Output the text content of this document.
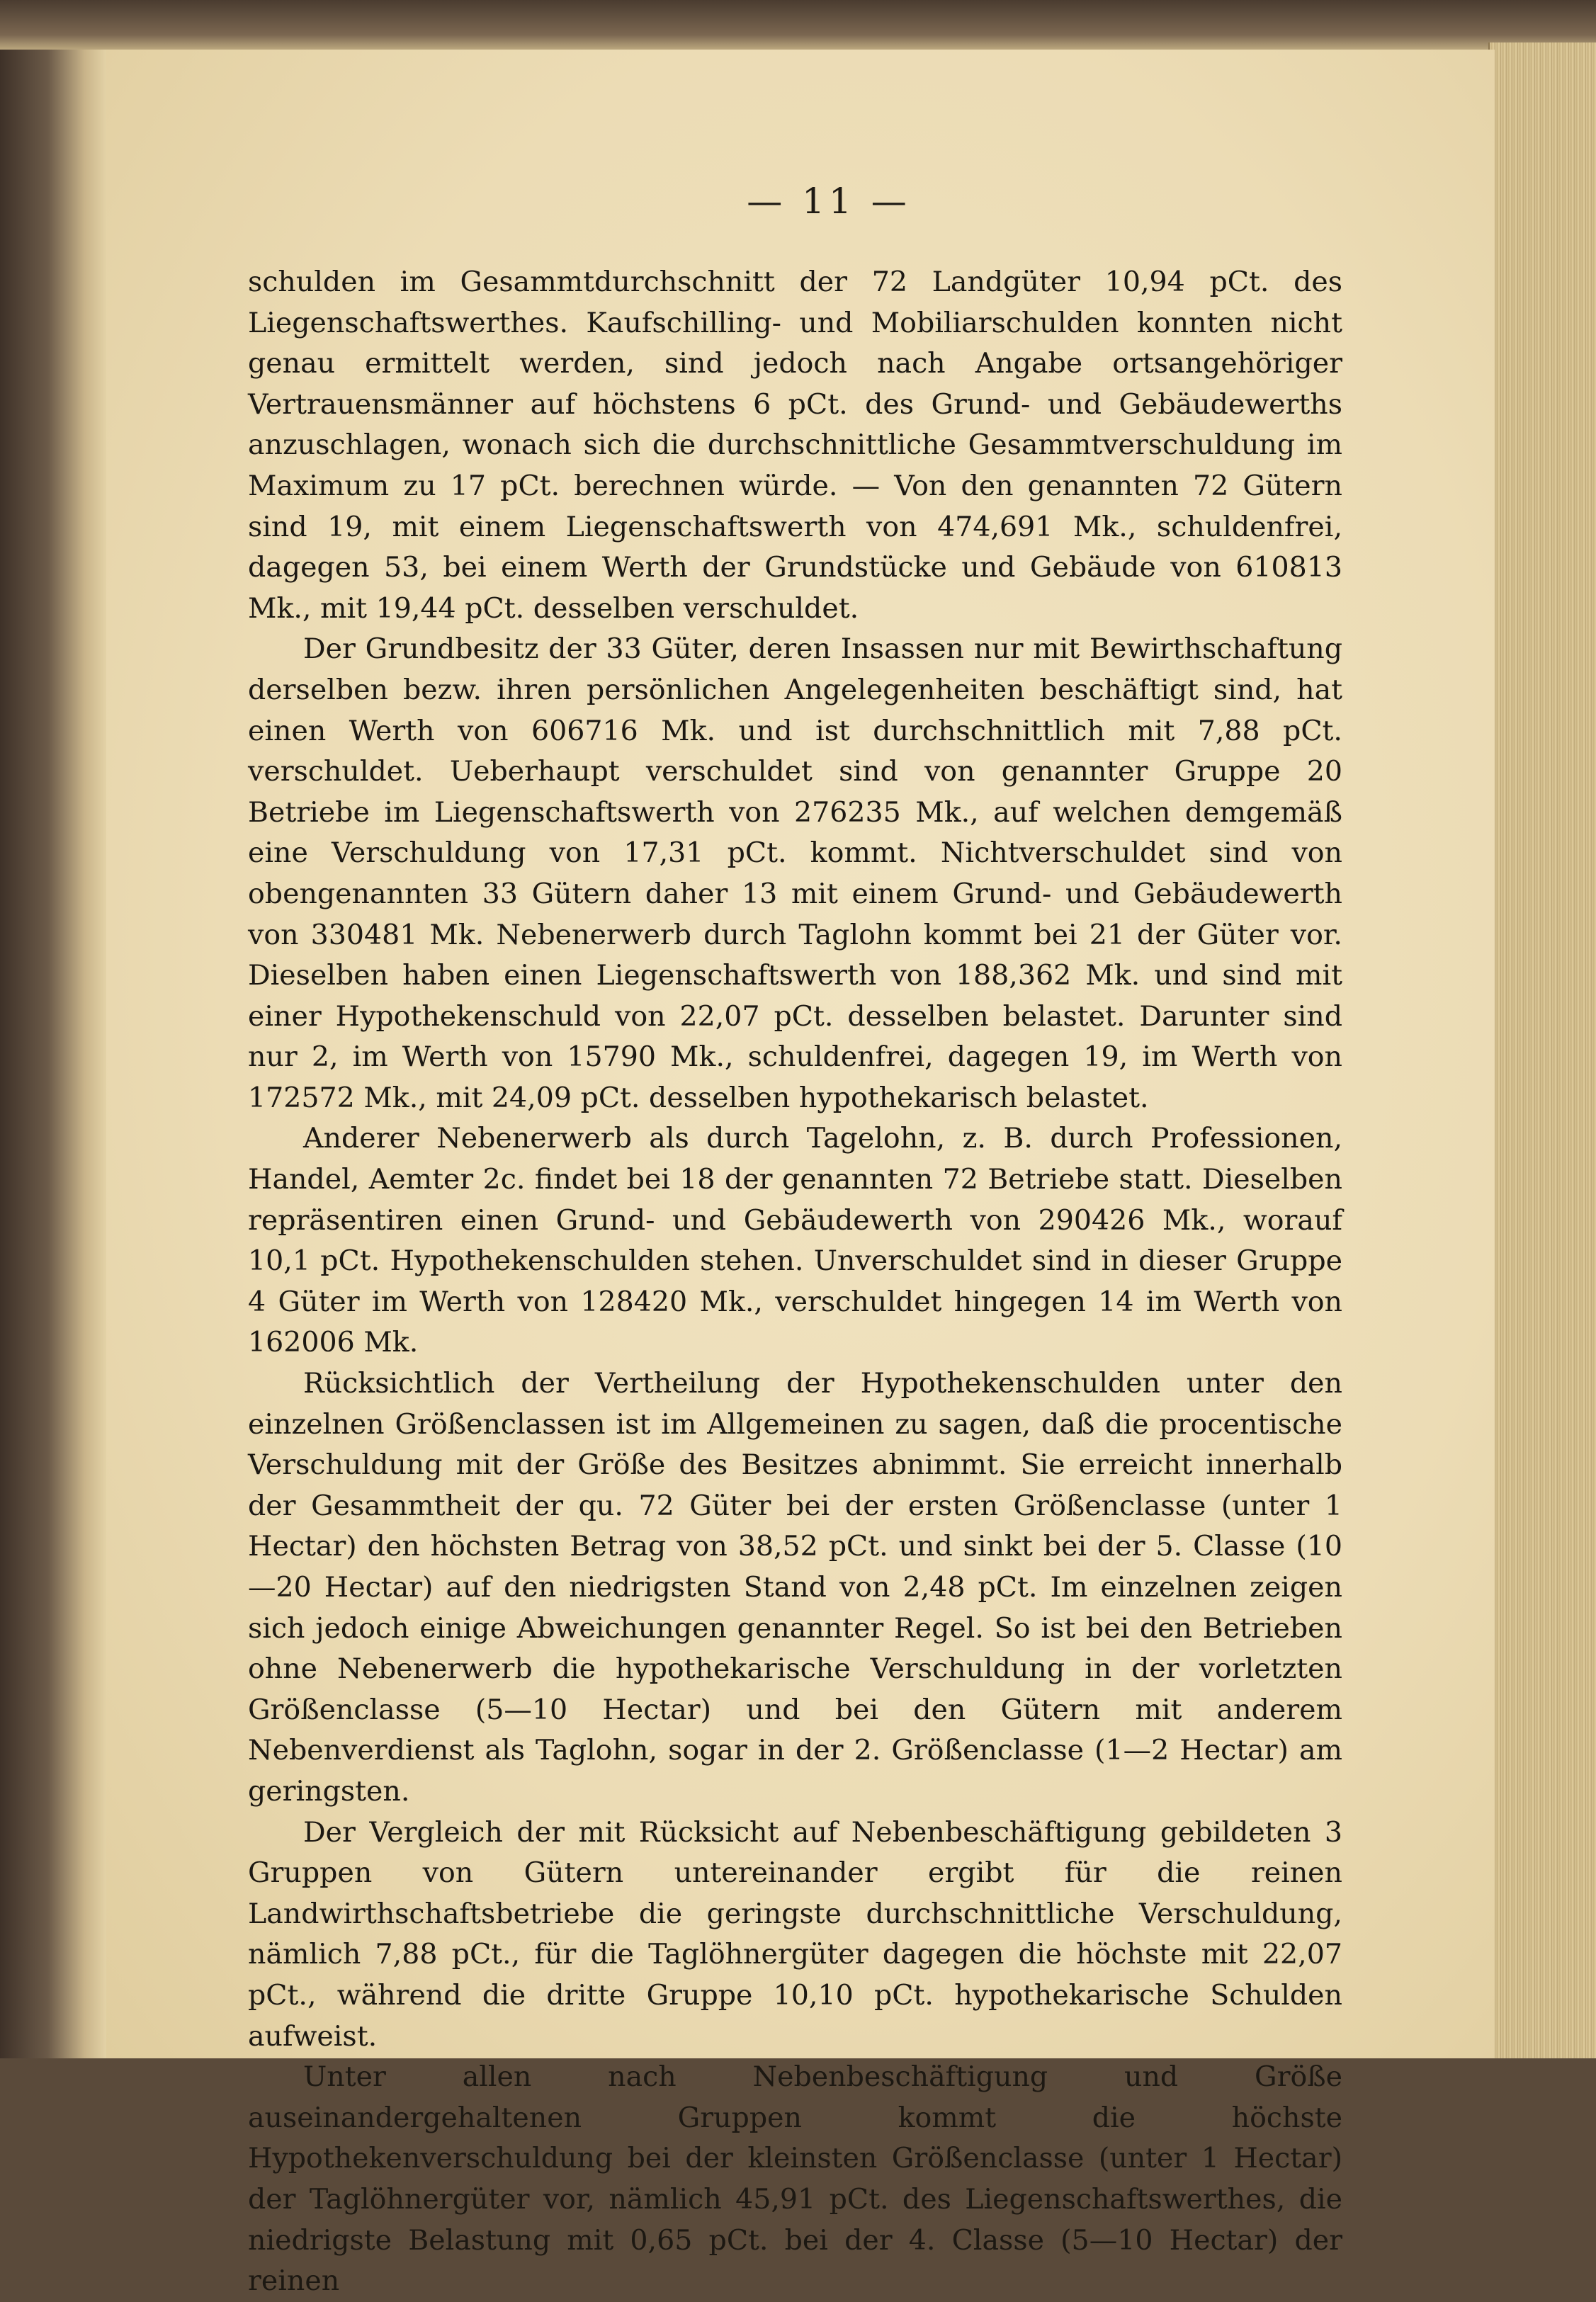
— 11 —

schulden im Gesammtdurchschnitt der 72 Landgüter 10,94 pCt. des Liegenschaftswerthes. Kaufschilling- und Mobiliarschulden konnten nicht genau ermittelt werden, sind jedoch nach Angabe ortsangehöriger Vertrauensmänner auf höchstens 6 pCt. des Grund- und Gebäudewerths anzuschlagen, wonach sich die durchschnittliche Gesammtverschuldung im Maximum zu 17 pCt. berechnen würde. — Von den genannten 72 Gütern sind 19, mit einem Liegenschaftswerth von 474,691 Mk., schuldenfrei, dagegen 53, bei einem Werth der Grundstücke und Gebäude von 610813 Mk., mit 19,44 pCt. desselben verschuldet.

Der Grundbesitz der 33 Güter, deren Insassen nur mit Bewirthschaftung derselben bezw. ihren persönlichen Angelegenheiten beschäftigt sind, hat einen Werth von 606716 Mk. und ist durchschnittlich mit 7,88 pCt. verschuldet. Ueberhaupt verschuldet sind von genannter Gruppe 20 Betriebe im Liegenschaftswerth von 276235 Mk., auf welchen demgemäß eine Verschuldung von 17,31 pCt. kommt. Nichtverschuldet sind von obengenannten 33 Gütern daher 13 mit einem Grund- und Gebäudewerth von 330481 Mk. Nebenerwerb durch Taglohn kommt bei 21 der Güter vor. Dieselben haben einen Liegenschaftswerth von 188,362 Mk. und sind mit einer Hypothekenschuld von 22,07 pCt. desselben belastet. Darunter sind nur 2, im Werth von 15790 Mk., schuldenfrei, dagegen 19, im Werth von 172572 Mk., mit 24,09 pCt. desselben hypothekarisch belastet.

Anderer Nebenerwerb als durch Tagelohn, z. B. durch Professionen, Handel, Aemter 2c. findet bei 18 der genannten 72 Betriebe statt. Dieselben repräsentiren einen Grund- und Gebäudewerth von 290426 Mk., worauf 10,1 pCt. Hypothekenschulden stehen. Unverschuldet sind in dieser Gruppe 4 Güter im Werth von 128420 Mk., verschuldet hingegen 14 im Werth von 162006 Mk.

Rücksichtlich der Vertheilung der Hypothekenschulden unter den einzelnen Größenclassen ist im Allgemeinen zu sagen, daß die procentische Verschuldung mit der Größe des Besitzes abnimmt. Sie erreicht innerhalb der Gesammtheit der qu. 72 Güter bei der ersten Größenclasse (unter 1 Hectar) den höchsten Betrag von 38,52 pCt. und sinkt bei der 5. Classe (10—20 Hectar) auf den niedrigsten Stand von 2,48 pCt. Im einzelnen zeigen sich jedoch einige Abweichungen genannter Regel. So ist bei den Betrieben ohne Nebenerwerb die hypothekarische Verschuldung in der vorletzten Größenclasse (5—10 Hectar) und bei den Gütern mit anderem Nebenverdienst als Taglohn, sogar in der 2. Größenclasse (1—2 Hectar) am geringsten.

Der Vergleich der mit Rücksicht auf Nebenbeschäftigung gebildeten 3 Gruppen von Gütern untereinander ergibt für die reinen Landwirthschaftsbetriebe die geringste durchschnittliche Verschuldung, nämlich 7,88 pCt., für die Taglöhnergüter dagegen die höchste mit 22,07 pCt., während die dritte Gruppe 10,10 pCt. hypothekarische Schulden aufweist.

Unter allen nach Nebenbeschäftigung und Größe auseinandergehaltenen Gruppen kommt die höchste Hypothekenverschuldung bei der kleinsten Größenclasse (unter 1 Hectar) der Taglöhnergüter vor, nämlich 45,91 pCt. des Liegenschaftswerthes, die niedrigste Belastung mit 0,65 pCt. bei der 4. Classe (5—10 Hectar) der reinen
